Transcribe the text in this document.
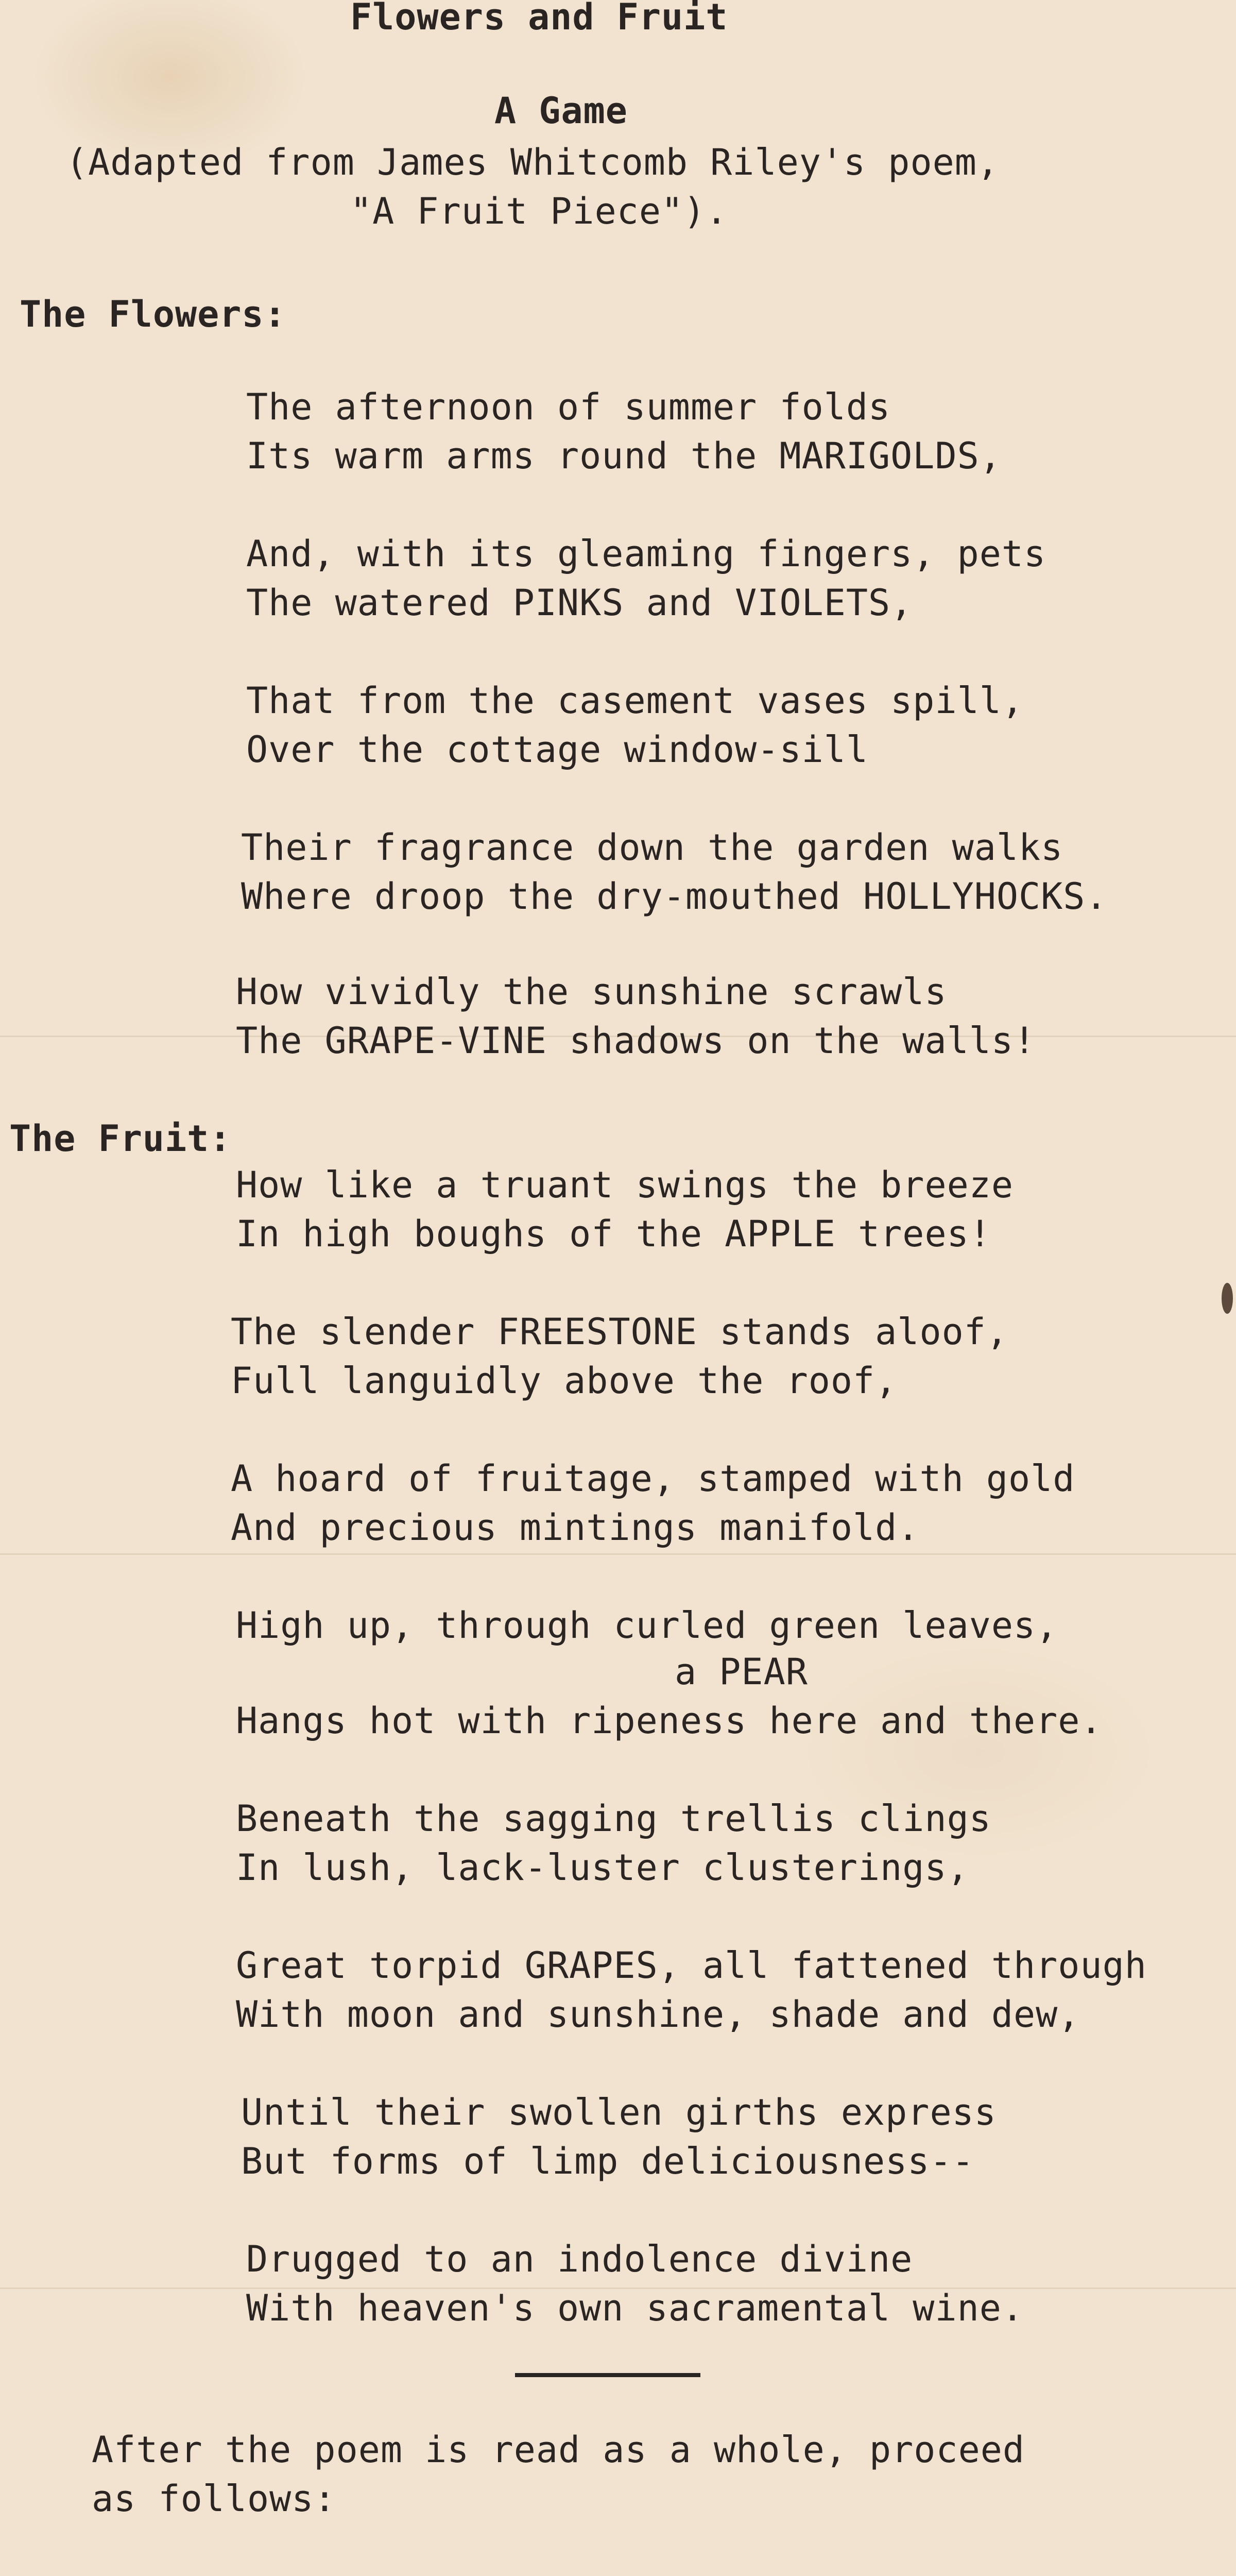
Flowers and Fruit
A Game
(Adapted from James Whitcomb Riley's poem,
"A Fruit Piece").
The Flowers:
The afternoon of summer folds
Its warm arms round the MARIGOLDS,
And, with its gleaming fingers, pets
The watered PINKS and VIOLETS,
That from the casement vases spill,
Over the cottage window-sill
Their fragrance down the garden walks
Where droop the dry-mouthed HOLLYHOCKS.
How vividly the sunshine scrawls
The GRAPE-VINE shadows on the walls!
The Fruit:
How like a truant swings the breeze
In high boughs of the APPLE trees!
The slender FREESTONE stands aloof,
Full languidly above the roof,
A hoard of fruitage, stamped with gold
And precious mintings manifold.
High up, through curled green leaves,
a PEAR
Hangs hot with ripeness here and there.
Beneath the sagging trellis clings
In lush, lack-luster clusterings,
Great torpid GRAPES, all fattened through
With moon and sunshine, shade and dew,
Until their swollen girths express
But forms of limp deliciousness--
Drugged to an indolence divine
With heaven's own sacramental wine.
After the poem is read as a whole, proceed
as follows:
